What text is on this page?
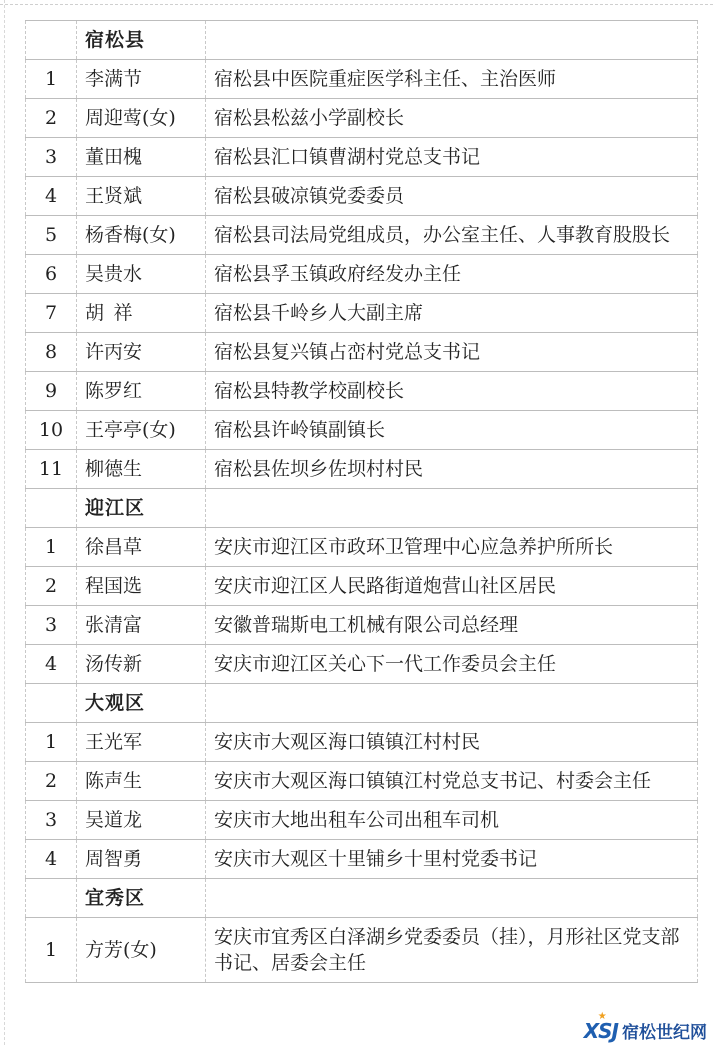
	宿松县	
1	李满节	宿松县中医院重症医学科主任、主治医师
2	周迎莺(女)	宿松县松兹小学副校长
3	董田槐	宿松县汇口镇曹湖村党总支书记
4	王贤斌	宿松县破凉镇党委委员
5	杨香梅(女)	宿松县司法局党组成员，办公室主任、人事教育股股长
6	吴贵水	宿松县孚玉镇政府经发办主任
7	胡祥	宿松县千岭乡人大副主席
8	许丙安	宿松县复兴镇占峦村党总支书记
9	陈罗红	宿松县特教学校副校长
10	王亭亭(女)	宿松县许岭镇副镇长
11	柳德生	宿松县佐坝乡佐坝村村民
	迎江区	
1	徐昌草	安庆市迎江区市政环卫管理中心应急养护所所长
2	程国选	安庆市迎江区人民路街道炮营山社区居民
3	张清富	安徽普瑞斯电工机械有限公司总经理
4	汤传新	安庆市迎江区关心下一代工作委员会主任
	大观区	
1	王光军	安庆市大观区海口镇镇江村村民
2	陈声生	安庆市大观区海口镇镇江村党总支书记、村委会主任
3	吴道龙	安庆市大地出租车公司出租车司机
4	周智勇	安庆市大观区十里铺乡十里村党委书记
	宜秀区	
1	方芳(女)	安庆市宜秀区白泽湖乡党委委员（挂），月形社区党支部书记、居委会主任
★
XSJ 宿松世纪网
